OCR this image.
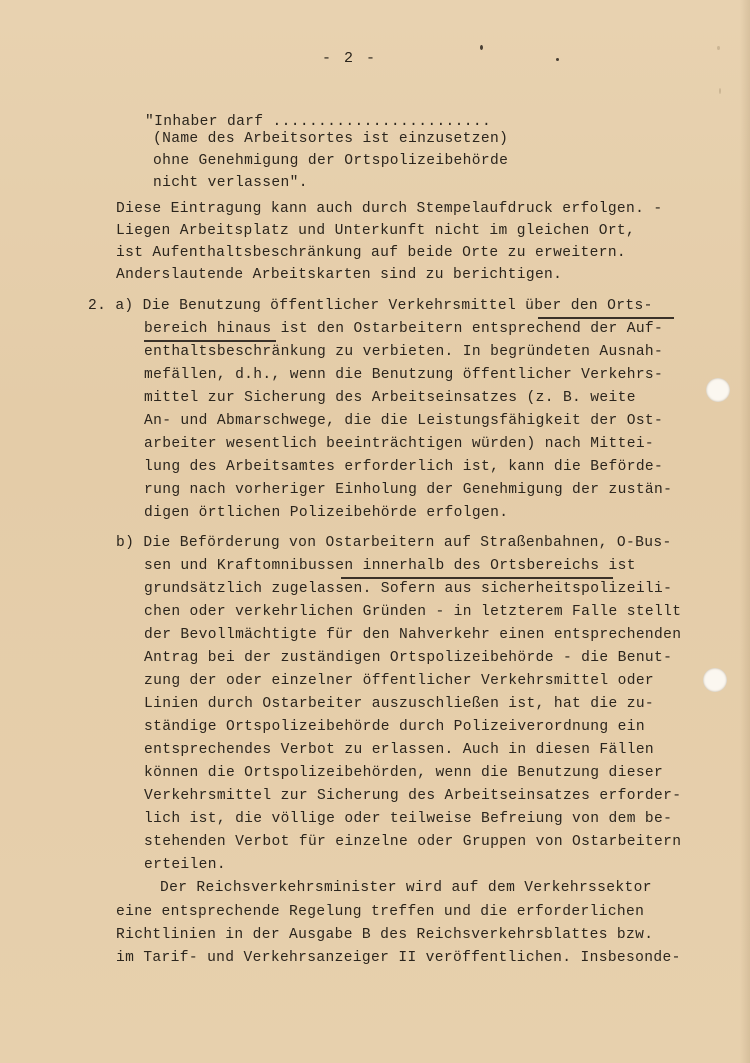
- 2 -
"Inhaber darf ........................
(Name des Arbeitsortes ist einzusetzen)
ohne Genehmigung der Ortspolizeibehörde
nicht verlassen".
Diese Eintragung kann auch durch Stempelaufdruck erfolgen. -
Liegen Arbeitsplatz und Unterkunft nicht im gleichen Ort,
ist Aufenthaltsbeschränkung auf beide Orte zu erweitern.
Anderslautende Arbeitskarten sind zu berichtigen.
2. a) Die Benutzung öffentlicher Verkehrsmittel über den Orts-
bereich hinaus ist den Ostarbeitern entsprechend der Auf-
enthaltsbeschränkung zu verbieten. In begründeten Ausnah-
mefällen, d.h., wenn die Benutzung öffentlicher Verkehrs-
mittel zur Sicherung des Arbeitseinsatzes (z. B. weite
An- und Abmarschwege, die die Leistungsfähigkeit der Ost-
arbeiter wesentlich beeinträchtigen würden) nach Mittei-
lung des Arbeitsamtes erforderlich ist, kann die Beförde-
rung nach vorheriger Einholung der Genehmigung der zustän-
digen örtlichen Polizeibehörde erfolgen.
b) Die Beförderung von Ostarbeitern auf Straßenbahnen, O-Bus-
sen und Kraftomnibussen innerhalb des Ortsbereichs ist
grundsätzlich zugelassen. Sofern aus sicherheitspolizeili-
chen oder verkehrlichen Gründen - in letzterem Falle stellt
der Bevollmächtigte für den Nahverkehr einen entsprechenden
Antrag bei der zuständigen Ortspolizeibehörde - die Benut-
zung der oder einzelner öffentlicher Verkehrsmittel oder
Linien durch Ostarbeiter auszuschließen ist, hat die zu-
ständige Ortspolizeibehörde durch Polizeiverordnung ein
entsprechendes Verbot zu erlassen. Auch in diesen Fällen
können die Ortspolizeibehörden, wenn die Benutzung dieser
Verkehrsmittel zur Sicherung des Arbeitseinsatzes erforder-
lich ist, die völlige oder teilweise Befreiung von dem be-
stehenden Verbot für einzelne oder Gruppen von Ostarbeitern
erteilen.
Der Reichsverkehrsminister wird auf dem Verkehrssektor
eine entsprechende Regelung treffen und die erforderlichen
Richtlinien in der Ausgabe B des Reichsverkehrsblattes bzw.
im Tarif- und Verkehrsanzeiger II veröffentlichen. Insbesonde-
